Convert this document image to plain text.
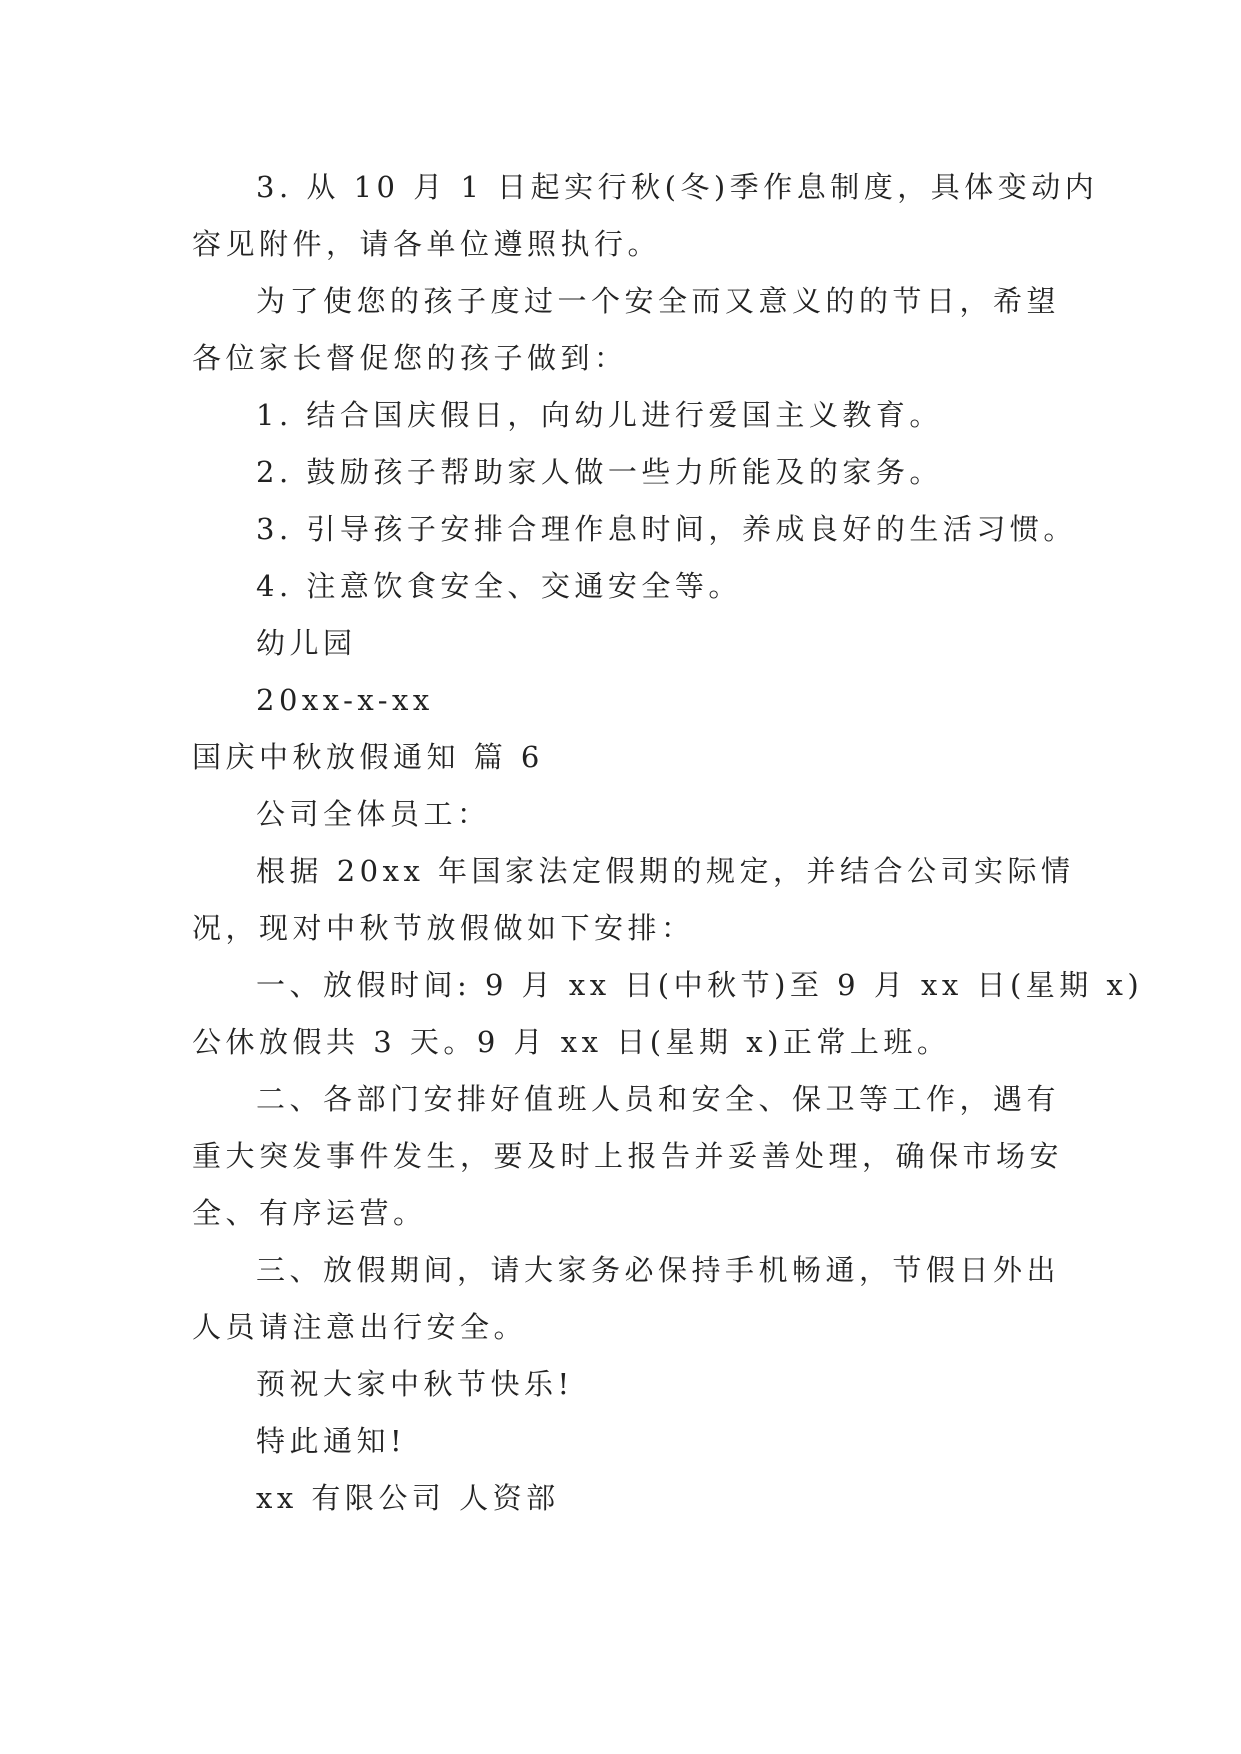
3. 从 10 月 1 日起实行秋(冬)季作息制度，具体变动内
容见附件，请各单位遵照执行。
为了使您的孩子度过一个安全而又意义的的节日，希望
各位家长督促您的孩子做到：
1. 结合国庆假日，向幼儿进行爱国主义教育。
2. 鼓励孩子帮助家人做一些力所能及的家务。
3. 引导孩子安排合理作息时间，养成良好的生活习惯。
4. 注意饮食安全、交通安全等。
幼儿园
20xx-x-xx
国庆中秋放假通知 篇 6
公司全体员工：
根据 20xx 年国家法定假期的规定，并结合公司实际情
况，现对中秋节放假做如下安排：
一、放假时间: 9 月 xx 日(中秋节)至 9 月 xx 日(星期 x)
公休放假共 3 天。9 月 xx 日(星期 x)正常上班。
二、各部门安排好值班人员和安全、保卫等工作，遇有
重大突发事件发生，要及时上报告并妥善处理，确保市场安
全、有序运营。
三、放假期间，请大家务必保持手机畅通，节假日外出
人员请注意出行安全。
预祝大家中秋节快乐!
特此通知!
xx 有限公司 人资部
